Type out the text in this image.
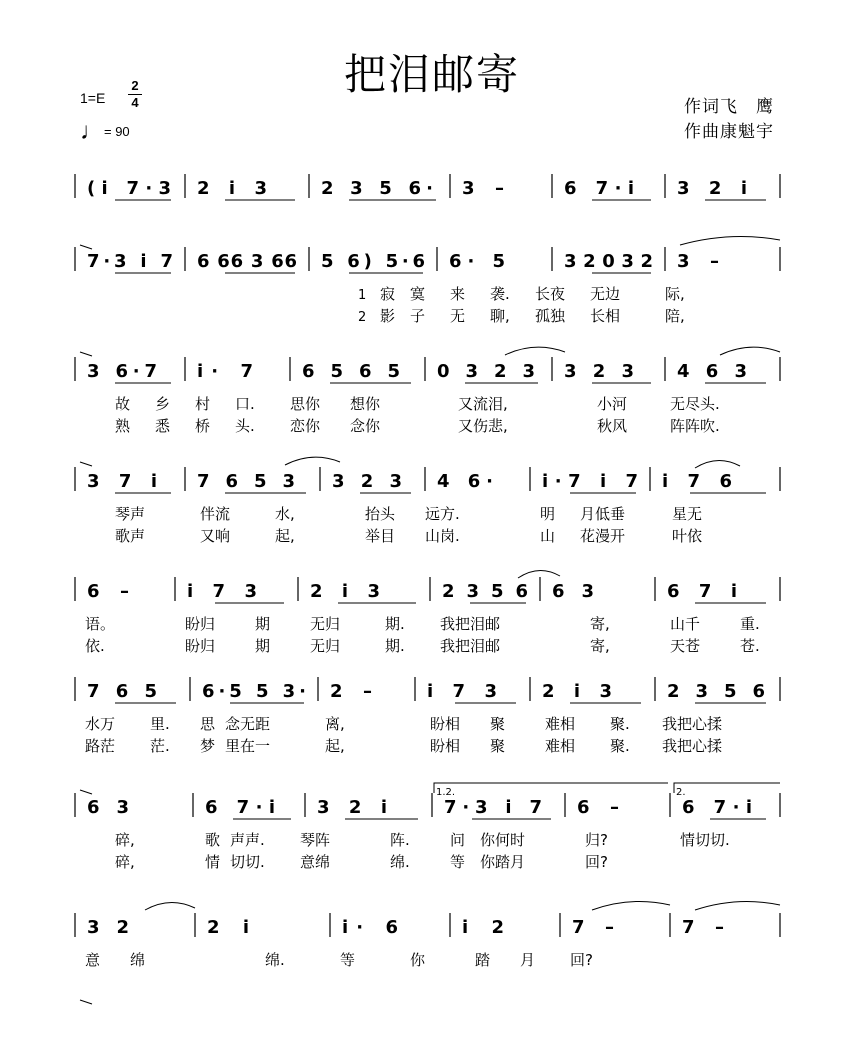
把泪邮寄
1=E
2
4
♩= 90
作词飞　鹰
作曲康魁宇
(i 7·3 2 i 3	2 3 5 6· 3 –	6 7·i 3 2 i
7·3 i 7 6 66 3 66 5 6) 5·6 6· 5	3 2 0 3 2 3 –
1 寂 寞 来 袭. 长夜 无边	际,
2 影 子 无 聊, 孤独 长相	陪,
3 6·7 i· 7	6 5 6 5 0 3 2 3 3 2 3 4 6 3
故 乡 村 口. 思你 想你	又流泪,	小河	无尽头.
熟 悉 桥 头. 恋你 念你	又伤悲,	秋风	阵阵吹.
3 7 i 7 6 5 3 3 2 3 4 6·	i·7 i 7 i 7 6
琴声	伴流	水,	抬头 远方.	明 月低垂	星无
歌声	又响	起,	举目 山岗.	山 花漫开	叶依
6 –	i 7 3	2 i 3	2 3 5 6 6 3	6 7 i
语。	盼归	期	无归	期. 我把泪邮	寄,	山千	重.
依.	盼归	期	无归	期. 我把泪邮	寄,	天苍	苍.
7 6 5	6·5 5 3· 2 –	i 7 3	2 i 3	2 3 5 6
水万 里. 思 念无距	离,	盼相 聚	难相 聚. 我把心揉
路茫 茫. 梦 里在一	起,	盼相 聚	难相 聚. 我把心揉
6 3	6 7·i 3 2 i	7·3 i 7 6 –	6 7·i
1.2.	2.
碎,	歌 声声. 琴阵	阵.	问 你何时	归?	情切切.
碎,	情 切切. 意绵	绵.	等 你踏月	回?
3 2	2 i	i· 6	i 2	7 –	7 –
意 绵	绵.	等	你	踏 月 回?
